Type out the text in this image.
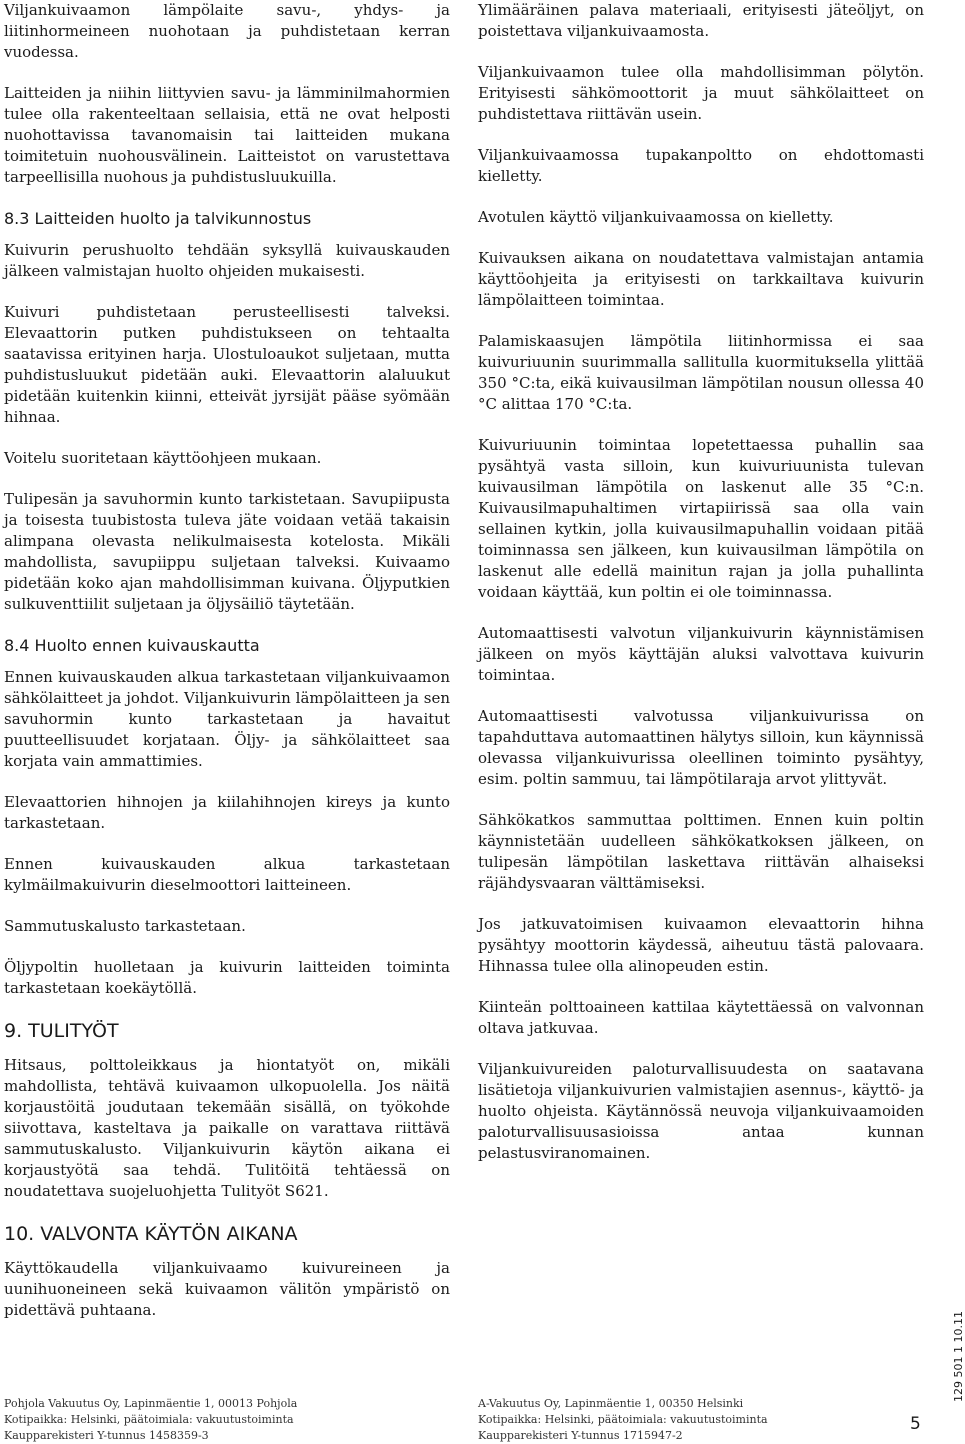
Viljankuivaamon lämpölaite savu-, yhdys- ja liitinhormeineen nuohotaan ja puhdistetaan kerran vuodessa.

Laitteiden ja niihin liittyvien savu- ja lämminilmahormien tulee olla rakenteeltaan sellaisia, että ne ovat helposti nuohottavissa tavanomaisin tai laitteiden mukana toimitetuin nuohousvälinein. Laitteistot on varustettava tarpeellisilla nuohous ja puhdistusluukuilla.

8.3 Laitteiden huolto ja talvikunnostus

Kuivurin perushuolto tehdään syksyllä kuivauskauden jälkeen valmistajan huolto ohjeiden mukaisesti.

Kuivuri puhdistetaan perusteellisesti talveksi. Elevaattorin putken puhdistukseen on tehtaalta saatavissa erityinen harja. Ulostuloaukot suljetaan, mutta puhdistusluukut pidetään auki. Elevaattorin alaluukut pidetään kuitenkin kiinni, etteivät jyrsijät pääse syömään hihnaa.

Voitelu suoritetaan käyttöohjeen mukaan.

Tulipesän ja savuhormin kunto tarkistetaan. Savupiipusta ja toisesta tuubistosta tuleva jäte voidaan vetää takaisin alimpana olevasta nelikulmaisesta kotelosta. Mikäli mahdollista, savupiippu suljetaan talveksi. Kuivaamo pidetään koko ajan mahdollisimman kuivana. Öljyputkien sulkuventtiilit suljetaan ja öljysäiliö täytetään.

8.4 Huolto ennen kuivauskautta

Ennen kuivauskauden alkua tarkastetaan viljankuivaamon sähkölaitteet ja johdot. Viljankuivurin lämpölaitteen ja sen savuhormin kunto tarkastetaan ja havaitut puutteellisuudet korjataan. Öljy- ja sähkölaitteet saa korjata vain ammattimies.

Elevaattorien hihnojen ja kiilahihnojen kireys ja kunto tarkastetaan.

Ennen kuivauskauden alkua tarkastetaan kylmäilmakuivurin dieselmoottori laitteineen.

Sammutuskalusto tarkastetaan.

Öljypoltin huolletaan ja kuivurin laitteiden toiminta tarkastetaan koekäytöllä.

9. TULITYÖT

Hitsaus, polttoleikkaus ja hiontatyöt on, mikäli mahdollista, tehtävä kuivaamon ulkopuolella. Jos näitä korjaustöitä joudutaan tekemään sisällä, on työkohde siivottava, kasteltava ja paikalle on varattava riittävä sammutuskalusto. Viljankuivurin käytön aikana ei korjaustyötä saa tehdä. Tulitöitä tehtäessä on noudatettava suojeluohjetta Tulityöt S621.

10. VALVONTA KÄYTÖN AIKANA

Käyttökaudella viljankuivaamo kuivureineen ja uunihuoneineen sekä kuivaamon välitön ympäristö on pidettävä puhtaana.

Ylimääräinen palava materiaali, erityisesti jäteöljyt, on poistettava viljankuivaamosta.

Viljankuivaamon tulee olla mahdollisimman pölytön. Erityisesti sähkömoottorit ja muut sähkölaitteet on puhdistettava riittävän usein.

Viljankuivaamossa tupakanpoltto on ehdottomasti kielletty.

Avotulen käyttö viljankuivaamossa on kielletty.

Kuivauksen aikana on noudatettava valmistajan antamia käyttöohjeita ja erityisesti on tarkkailtava kuivurin lämpölaitteen toimintaa.

Palamiskaasujen lämpötila liitinhormissa ei saa kuivuriuunin suurimmalla sallitulla kuormituksella ylittää 350 °C:ta, eikä kuivausilman lämpötilan nousun ollessa 40 °C alittaa 170 °C:ta.

Kuivuriuunin toimintaa lopetettaessa puhallin saa pysähtyä vasta silloin, kun kuivuriuunista tulevan kuivausilman lämpötila on laskenut alle 35 °C:n. Kuivausilmapuhaltimen virtapiirissä saa olla vain sellainen kytkin, jolla kuivausilmapuhallin voidaan pitää toiminnassa sen jälkeen, kun kuivausilman lämpötila on laskenut alle edellä mainitun rajan ja jolla puhallinta voidaan käyttää, kun poltin ei ole toiminnassa.

Automaattisesti valvotun viljankuivurin käynnistämisen jälkeen on myös käyttäjän aluksi valvottava kuivurin toimintaa.

Automaattisesti valvotussa viljankuivurissa on tapahduttava automaattinen hälytys silloin, kun käynnissä olevassa viljankuivurissa oleellinen toiminto pysähtyy, esim. poltin sammuu, tai lämpötilaraja arvot ylittyvät.

Sähkökatkos sammuttaa polttimen. Ennen kuin poltin käynnistetään uudelleen sähkökatkoksen jälkeen, on tulipesän lämpötilan laskettava riittävän alhaiseksi räjähdysvaaran välttämiseksi.

Jos jatkuvatoimisen kuivaamon elevaattorin hihna pysähtyy moottorin käydessä, aiheutuu tästä palovaara. Hihnassa tulee olla alinopeuden estin.

Kiinteän polttoaineen kattilaa käytettäessä on valvonnan oltava jatkuvaa.

Viljankuivureiden paloturvallisuudesta on saatavana lisätietoja viljankuivurien valmistajien asennus-, käyttö- ja huolto ohjeista. Käytännössä neuvoja viljankuivaamoiden paloturvallisuusasioissa antaa kunnan pelastusviranomainen.

Pohjola Vakuutus Oy, Lapinmäentie 1, 00013 Pohjola
Kotipaikka: Helsinki, päätoimiala: vakuutustoiminta
Kaupparekisteri Y-tunnus 1458359-3
A-Vakuutus Oy, Lapinmäentie 1, 00350 Helsinki
Kotipaikka: Helsinki, päätoimiala: vakuutustoiminta
Kaupparekisteri Y-tunnus 1715947-2
5
129 501 1 10.11
